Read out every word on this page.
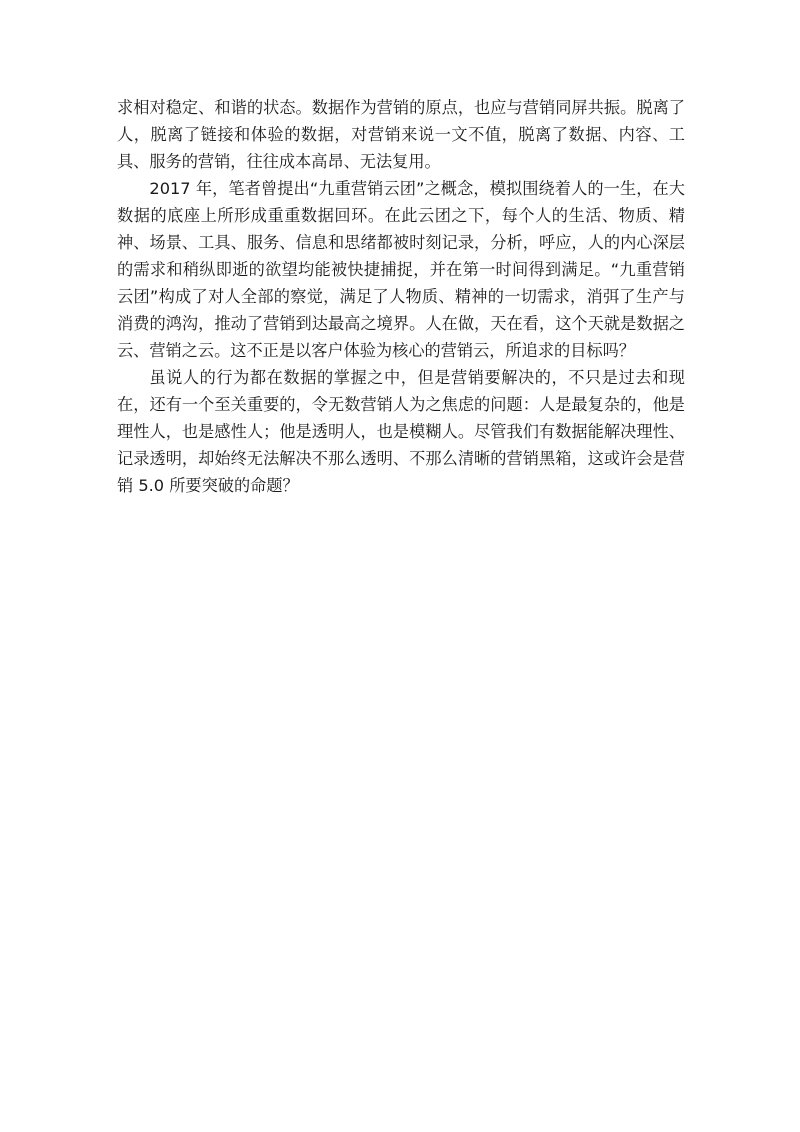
求相对稳定、和谐的状态。数据作为营销的原点，也应与营销同屏共振。脱离了人，脱离了链接和体验的数据，对营销来说一文不值，脱离了数据、内容、工具、服务的营销，往往成本高昂、无法复用。

2017 年，笔者曾提出“九重营销云团”之概念，模拟围绕着人的一生，在大数据的底座上所形成重重数据回环。在此云团之下，每个人的生活、物质、精神、场景、工具、服务、信息和思绪都被时刻记录，分析，呼应，人的内心深层的需求和稍纵即逝的欲望均能被快捷捕捉，并在第一时间得到满足。“九重营销云团”构成了对人全部的察觉，满足了人物质、精神的一切需求，消弭了生产与消费的鸿沟，推动了营销到达最高之境界。人在做，天在看，这个天就是数据之云、营销之云。这不正是以客户体验为核心的营销云，所追求的目标吗？

虽说人的行为都在数据的掌握之中，但是营销要解决的，不只是过去和现在，还有一个至关重要的，令无数营销人为之焦虑的问题：人是最复杂的，他是理性人，也是感性人；他是透明人，也是模糊人。尽管我们有数据能解决理性、记录透明，却始终无法解决不那么透明、不那么清晰的营销黑箱，这或许会是营销 5.0 所要突破的命题？
